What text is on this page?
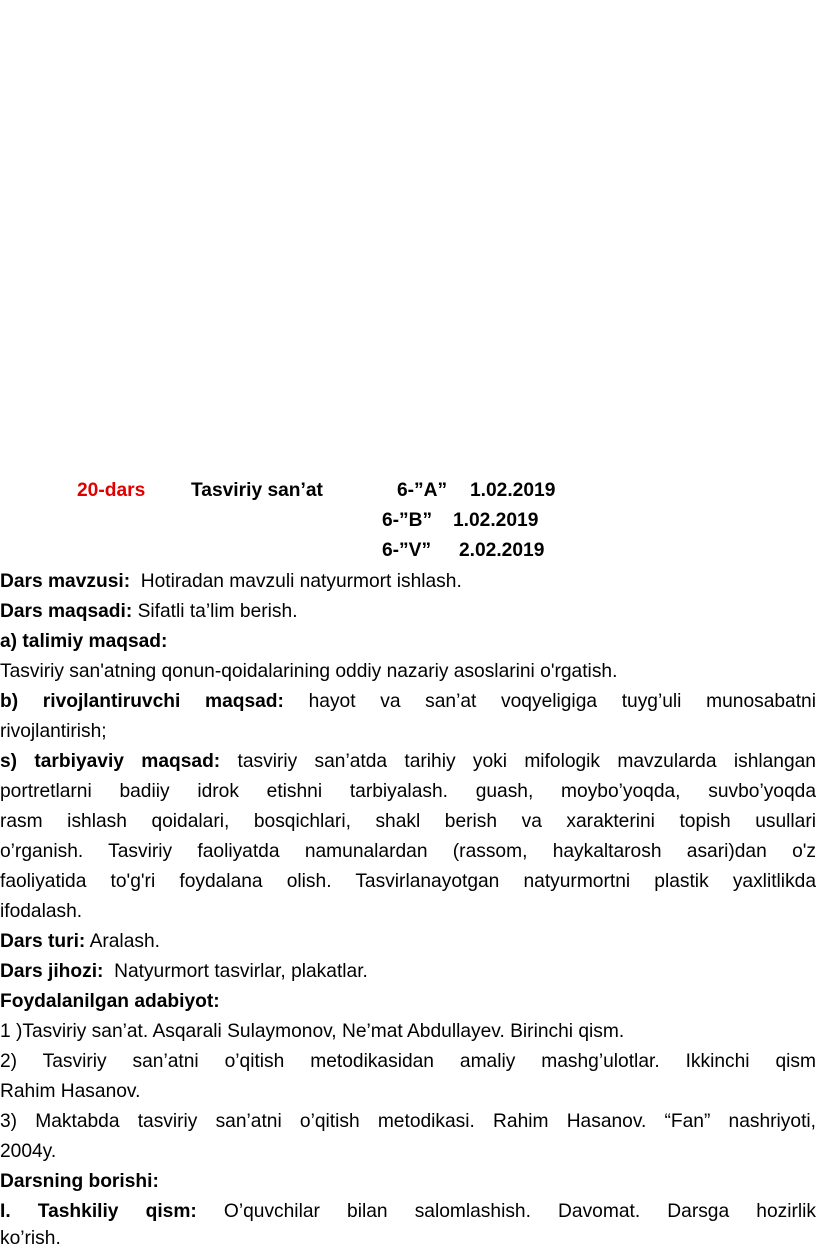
20-dars Tasviriy san’at	6-”A” 1.02.2019
6-”B” 1.02.2019
6-”V” 2.02.2019
Dars mavzusi: Hotiradan mavzuli natyurmort ishlash.
Dars maqsadi: Sifatli ta’lim berish.
a) talimiy maqsad:
Tasviriy san'atning qonun-qoidalarining oddiy nazariy asoslarini o'rgatish.
b) rivojlantiruvchi maqsad: hayot va san’at voqyeligiga tuyg’uli munosabatni
rivojlantirish;
s) tarbiyaviy maqsad: tasviriy san’atda tarihiy yoki mifologik mavzularda ishlangan
portretlarni badiiy idrok etishni tarbiyalash. guash, moybo’yoqda, suvbo’yoqda
rasm ishlash qoidalari, bosqichlari, shakl berish va xarakterini topish usullari
o’rganish. Tasviriy faoliyatda namunalardan (rassom, haykaltarosh asari)dan o'z
faoliyatida to'g'ri foydalana olish. Tasvirlanayotgan natyurmortni plastik yaxlitlikda
ifodalash.
Dars turi: Aralash.
Dars jihozi: Natyurmort tasvirlar, plakatlar.
Foydalanilgan adabiyot:
1 )Tasviriy san’at. Asqarali Sulaymonov, Ne’mat Abdullayev. Birinchi qism.
2) Tasviriy san’atni o’qitish metodikasidan amaliy mashg’ulotlar. Ikkinchi qism
Rahim Hasanov.
3) Maktabda tasviriy san’atni o’qitish metodikasi. Rahim Hasanov. “Fan” nashriyoti,
2004y.
Darsning borishi:
I. Tashkiliy qism: O’quvchilar bilan salomlashish. Davomat. Darsga hozirlik
ko’rish.
